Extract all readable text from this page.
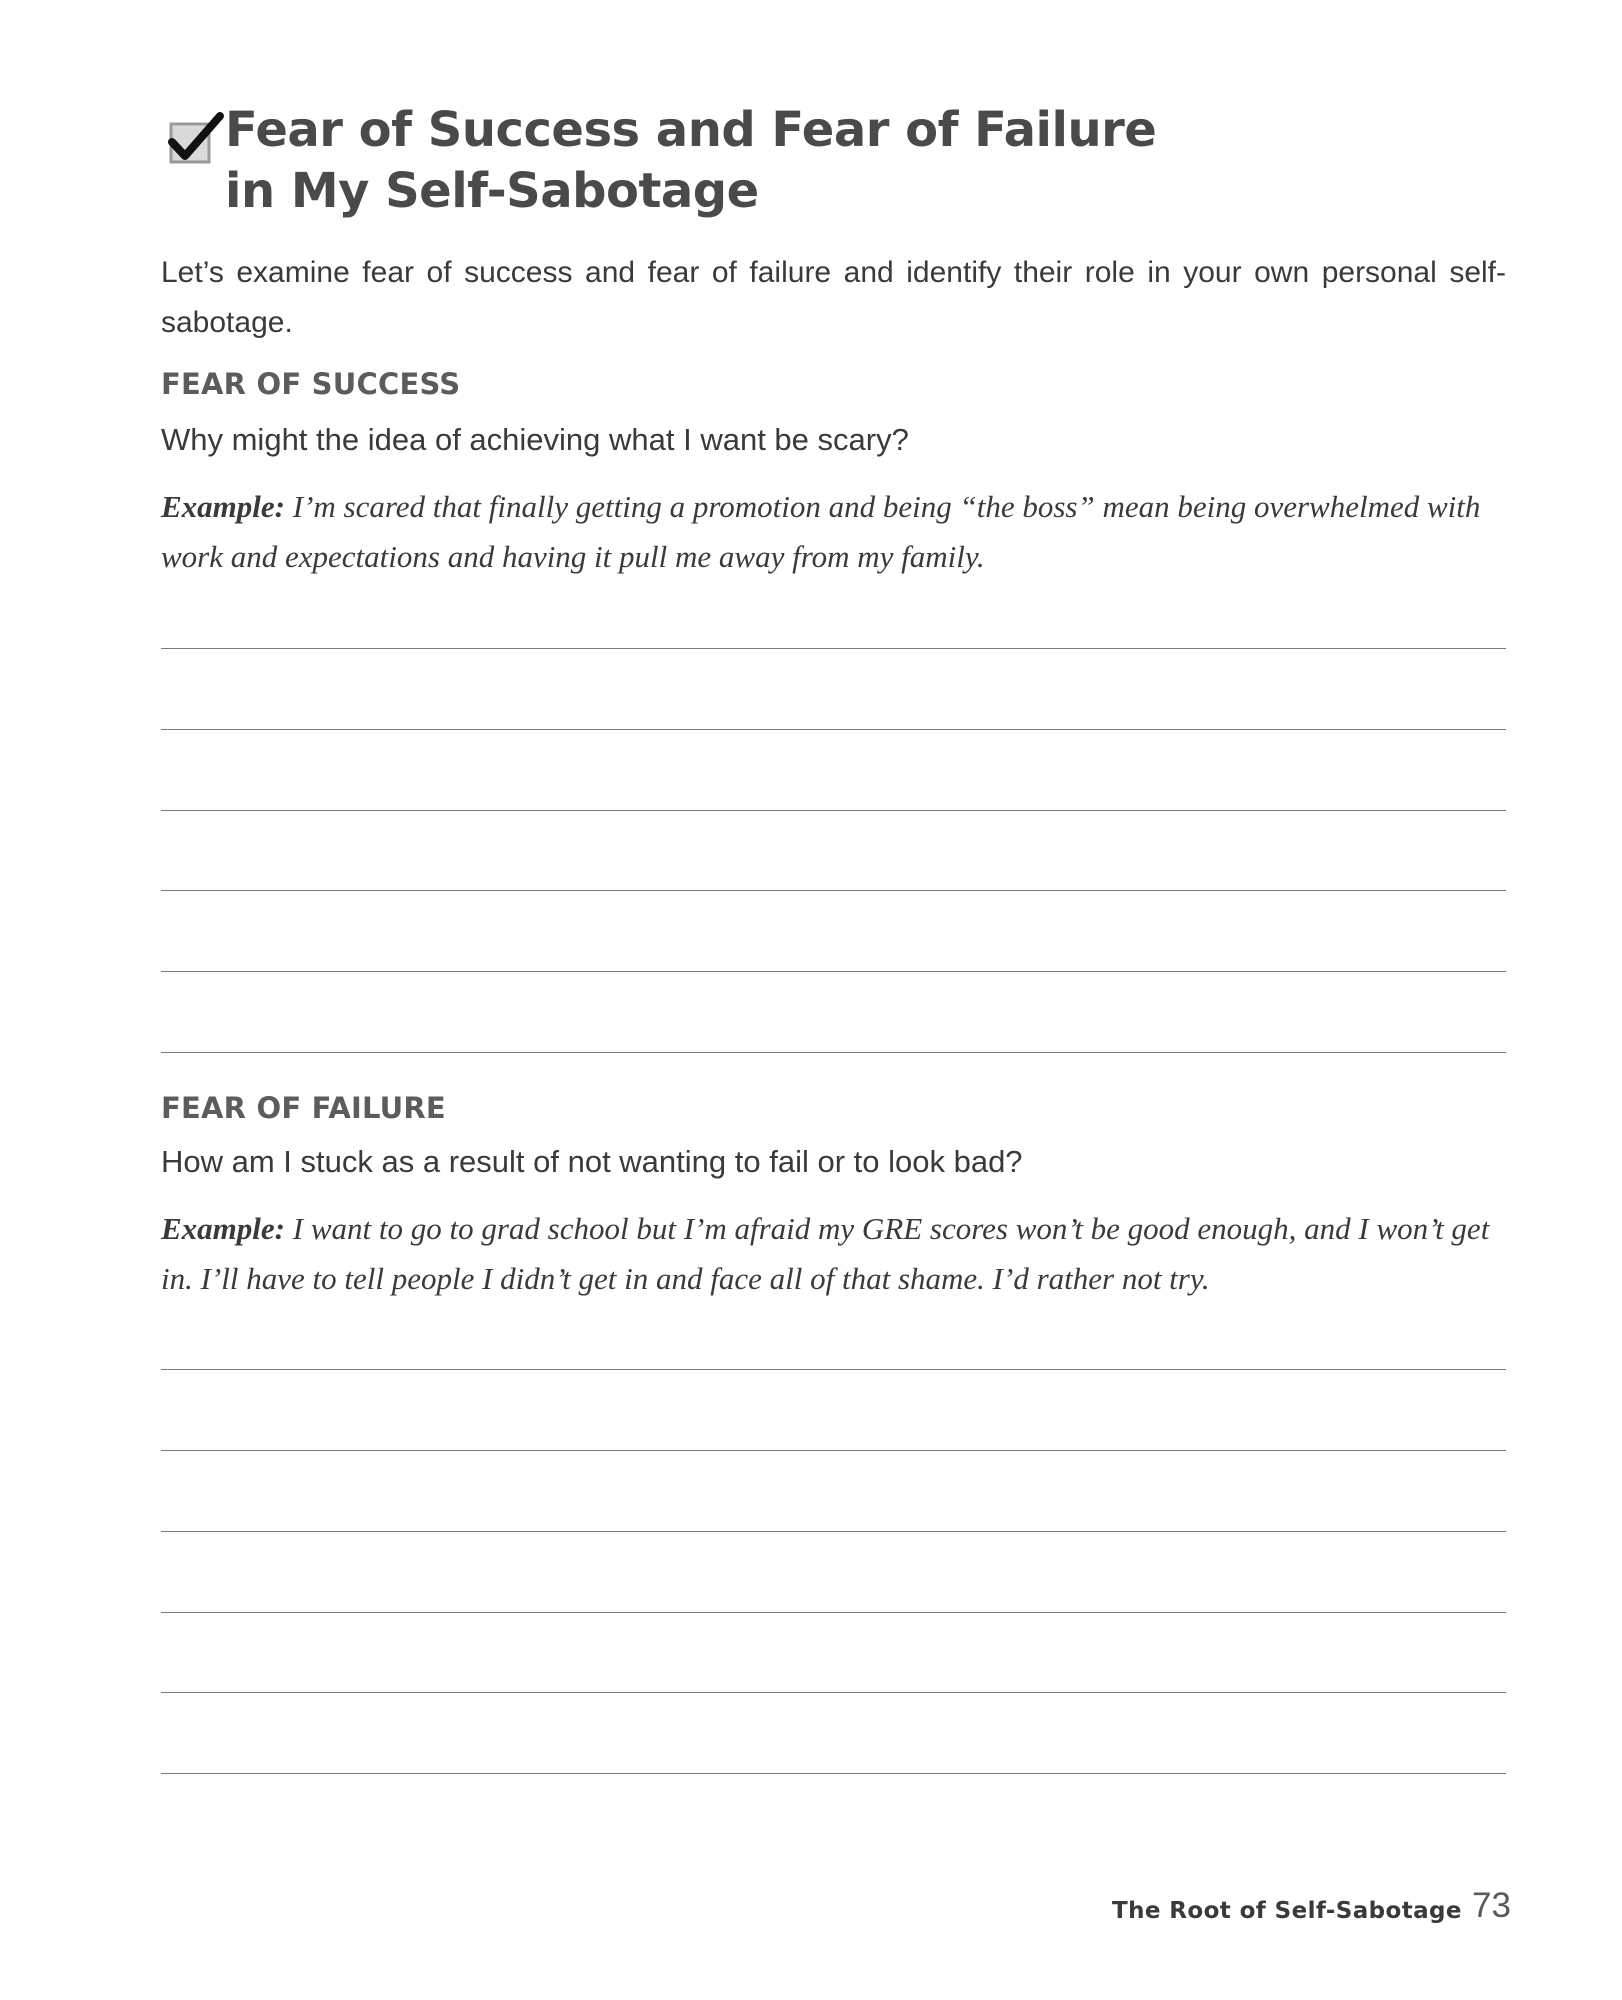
Fear of Success and Fear of Failure in My Self-Sabotage

Let’s examine fear of success and fear of failure and identify their role in your own personal self-sabotage.

FEAR OF SUCCESS

Why might the idea of achieving what I want be scary?

Example: I’m scared that finally getting a promotion and being “the boss” mean being overwhelmed with work and expectations and having it pull me away from my family.

FEAR OF FAILURE

How am I stuck as a result of not wanting to fail or to look bad?

Example: I want to go to grad school but I’m afraid my GRE scores won’t be good enough, and I won’t get in. I’ll have to tell people I didn’t get in and face all of that shame. I’d rather not try.

The Root of Self-Sabotage 73
